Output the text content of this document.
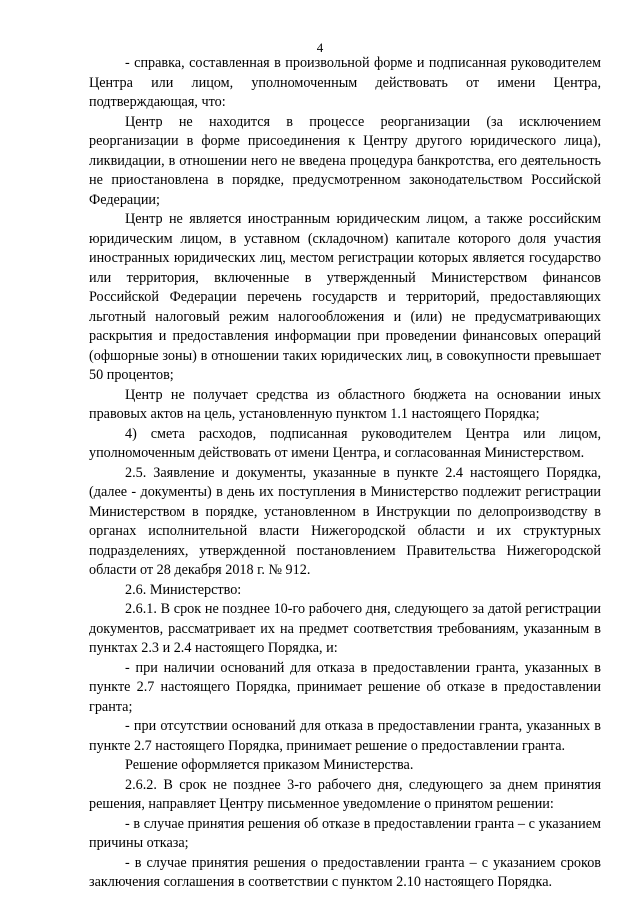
4

- справка, составленная в произвольной форме и подписанная руководителем Центра или лицом, уполномоченным действовать от имени Центра, подтверждающая, что:

Центр не находится в процессе реорганизации (за исключением реорганизации в форме присоединения к Центру другого юридического лица), ликвидации, в отношении него не введена процедура банкротства, его деятельность не приостановлена в порядке, предусмотренном законодательством Российской Федерации;

Центр не является иностранным юридическим лицом, а также российским юридическим лицом, в уставном (складочном) капитале которого доля участия иностранных юридических лиц, местом регистрации которых является государство или территория, включенные в утвержденный Министерством финансов Российской Федерации перечень государств и территорий, предоставляющих льготный налоговый режим налогообложения и (или) не предусматривающих раскрытия и предоставления информации при проведении финансовых операций (офшорные зоны) в отношении таких юридических лиц, в совокупности превышает 50 процентов;

Центр не получает средства из областного бюджета на основании иных правовых актов на цель, установленную пунктом 1.1 настоящего Порядка;

4) смета расходов, подписанная руководителем Центра или лицом, уполномоченным действовать от имени Центра, и согласованная Министерством.

2.5. Заявление и документы, указанные в пункте 2.4 настоящего Порядка, (далее - документы) в день их поступления в Министерство подлежит регистрации Министерством в порядке, установленном в Инструкции по делопроизводству в органах исполнительной власти Нижегородской области и их структурных подразделениях, утвержденной постановлением Правительства Нижегородской области от 28 декабря 2018 г. № 912.

2.6. Министерство:

2.6.1. В срок не позднее 10-го рабочего дня, следующего за датой регистрации документов, рассматривает их на предмет соответствия требованиям, указанным в пунктах 2.3 и 2.4 настоящего Порядка, и:

- при наличии оснований для отказа в предоставлении гранта, указанных в пункте 2.7 настоящего Порядка, принимает решение об отказе в предоставлении гранта;

- при отсутствии оснований для отказа в предоставлении гранта, указанных в пункте 2.7 настоящего Порядка, принимает решение о предоставлении гранта.

Решение оформляется приказом Министерства.

2.6.2. В срок не позднее 3-го рабочего дня, следующего за днем принятия решения, направляет Центру письменное уведомление о принятом решении:

- в случае принятия решения об отказе в предоставлении гранта – с указанием причины отказа;

- в случае принятия решения о предоставлении гранта – с указанием сроков заключения соглашения в соответствии с пунктом 2.10 настоящего Порядка.
